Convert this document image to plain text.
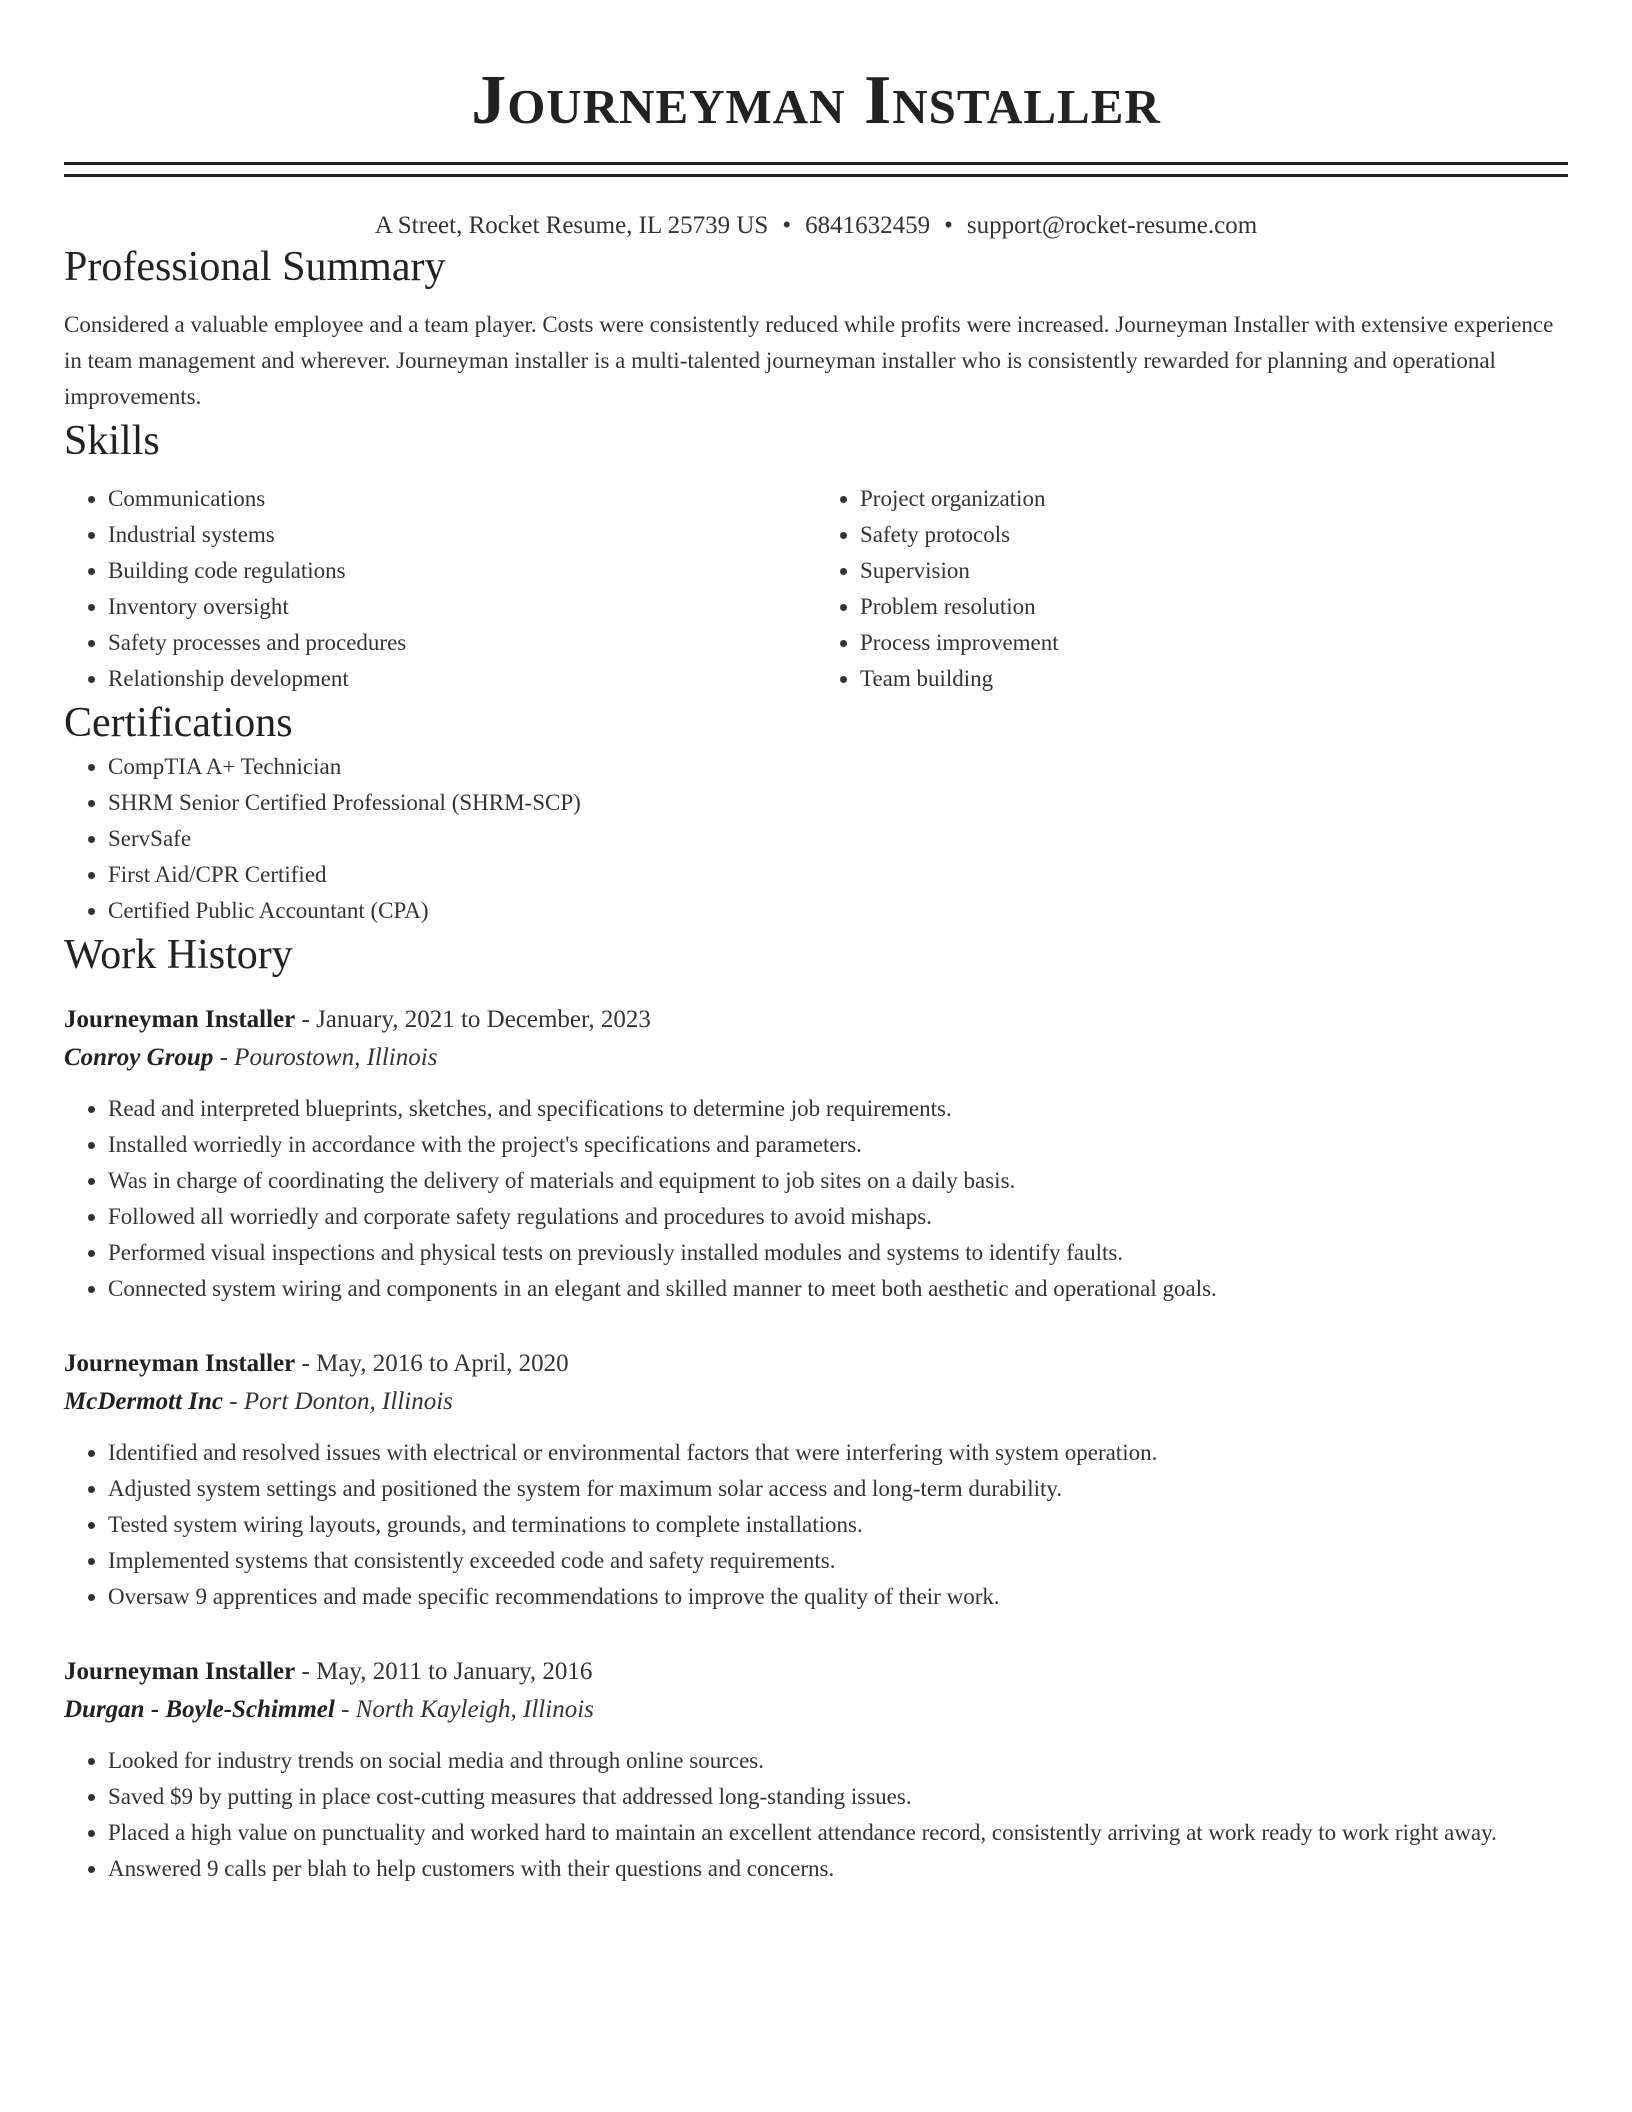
Journeyman Installer
A Street, Rocket Resume, IL 25739 US • 6841632459 • support@rocket-resume.com
Professional Summary

Considered a valuable employee and a team player. Costs were consistently reduced while profits were increased. Journeyman Installer with extensive experience in team management and wherever. Journeyman installer is a multi-talented journeyman installer who is consistently rewarded for planning and operational improvements.

Skills
• Communications
• Industrial systems
• Building code regulations
• Inventory oversight
• Safety processes and procedures
• Relationship development
• Project organization
• Safety protocols
• Supervision
• Problem resolution
• Process improvement
• Team building
Certifications
• CompTIA A+ Technician
• SHRM Senior Certified Professional (SHRM-SCP)
• ServSafe
• First Aid/CPR Certified
• Certified Public Accountant (CPA)
Work History
Journeyman Installer - January, 2021 to December, 2023
Conroy Group - Pourostown, Illinois
• Read and interpreted blueprints, sketches, and specifications to determine job requirements.
• Installed worriedly in accordance with the project's specifications and parameters.
• Was in charge of coordinating the delivery of materials and equipment to job sites on a daily basis.
• Followed all worriedly and corporate safety regulations and procedures to avoid mishaps.
• Performed visual inspections and physical tests on previously installed modules and systems to identify faults.
• Connected system wiring and components in an elegant and skilled manner to meet both aesthetic and operational goals.
Journeyman Installer - May, 2016 to April, 2020
McDermott Inc - Port Donton, Illinois
• Identified and resolved issues with electrical or environmental factors that were interfering with system operation.
• Adjusted system settings and positioned the system for maximum solar access and long-term durability.
• Tested system wiring layouts, grounds, and terminations to complete installations.
• Implemented systems that consistently exceeded code and safety requirements.
• Oversaw 9 apprentices and made specific recommendations to improve the quality of their work.
Journeyman Installer - May, 2011 to January, 2016
Durgan - Boyle-Schimmel - North Kayleigh, Illinois
• Looked for industry trends on social media and through online sources.
• Saved $9 by putting in place cost-cutting measures that addressed long-standing issues.
• Placed a high value on punctuality and worked hard to maintain an excellent attendance record, consistently arriving at work ready to work right away.
• Answered 9 calls per blah to help customers with their questions and concerns.
